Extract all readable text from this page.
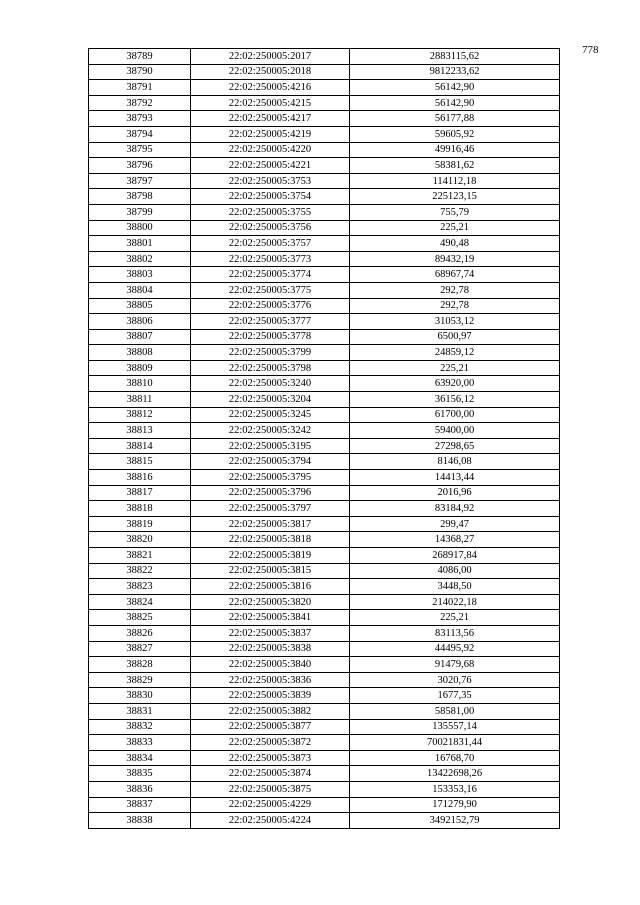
778
38789	22:02:250005:2017	2883115,62
38790	22:02:250005:2018	9812233,62
38791	22:02:250005:4216	56142,90
38792	22:02:250005:4215	56142,90
38793	22:02:250005:4217	56177,88
38794	22:02:250005:4219	59605,92
38795	22:02:250005:4220	49916,46
38796	22:02:250005:4221	58381,62
38797	22:02:250005:3753	114112,18
38798	22:02:250005:3754	225123,15
38799	22:02:250005:3755	755,79
38800	22:02:250005:3756	225,21
38801	22:02:250005:3757	490,48
38802	22:02:250005:3773	89432,19
38803	22:02:250005:3774	68967,74
38804	22:02:250005:3775	292,78
38805	22:02:250005:3776	292,78
38806	22:02:250005:3777	31053,12
38807	22:02:250005:3778	6500,97
38808	22:02:250005:3799	24859,12
38809	22:02:250005:3798	225,21
38810	22:02:250005:3240	63920,00
38811	22:02:250005:3204	36156,12
38812	22:02:250005:3245	61700,00
38813	22:02:250005:3242	59400,00
38814	22:02:250005:3195	27298,65
38815	22:02:250005:3794	8146,08
38816	22:02:250005:3795	14413,44
38817	22:02:250005:3796	2016,96
38818	22:02:250005:3797	83184,92
38819	22:02:250005:3817	299,47
38820	22:02:250005:3818	14368,27
38821	22:02:250005:3819	268917,84
38822	22:02:250005:3815	4086,00
38823	22:02:250005:3816	3448,50
38824	22:02:250005:3820	214022,18
38825	22:02:250005:3841	225,21
38826	22:02:250005:3837	83113,56
38827	22:02:250005:3838	44495,92
38828	22:02:250005:3840	91479,68
38829	22:02:250005:3836	3020,76
38830	22:02:250005:3839	1677,35
38831	22:02:250005:3882	58581,00
38832	22:02:250005:3877	135557,14
38833	22:02:250005:3872	70021831,44
38834	22:02:250005:3873	16768,70
38835	22:02:250005:3874	13422698,26
38836	22:02:250005:3875	153353,16
38837	22:02:250005:4229	171279,90
38838	22:02:250005:4224	3492152,79
